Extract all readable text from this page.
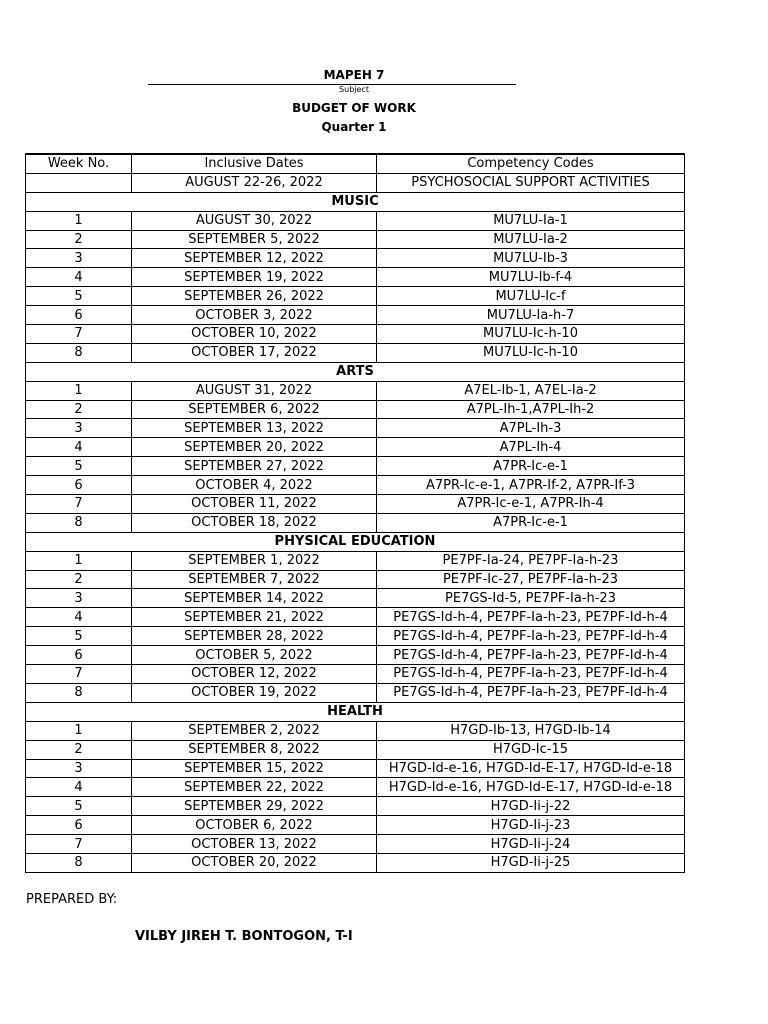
MAPEH 7
Subject
BUDGET OF WORK
Quarter 1
Week No.	Inclusive Dates	Competency Codes
	AUGUST 22-26, 2022	PSYCHOSOCIAL SUPPORT ACTIVITIES
MUSIC		
1	AUGUST 30, 2022	MU7LU-Ia-1
2	SEPTEMBER 5, 2022	MU7LU-Ia-2
3	SEPTEMBER 12, 2022	MU7LU-Ib-3
4	SEPTEMBER 19, 2022	MU7LU-Ib-f-4
5	SEPTEMBER 26, 2022	MU7LU-Ic-f
6	OCTOBER 3, 2022	MU7LU-Ia-h-7
7	OCTOBER 10, 2022	MU7LU-Ic-h-10
8	OCTOBER 17, 2022	MU7LU-Ic-h-10
ARTS		
1	AUGUST 31, 2022	A7EL-Ib-1, A7EL-Ia-2
2	SEPTEMBER 6, 2022	A7PL-Ih-1,A7PL-Ih-2
3	SEPTEMBER 13, 2022	A7PL-Ih-3
4	SEPTEMBER 20, 2022	A7PL-Ih-4
5	SEPTEMBER 27, 2022	A7PR-Ic-e-1
6	OCTOBER 4, 2022	A7PR-Ic-e-1, A7PR-If-2, A7PR-If-3
7	OCTOBER 11, 2022	A7PR-Ic-e-1, A7PR-Ih-4
8	OCTOBER 18, 2022	A7PR-Ic-e-1
PHYSICAL EDUCATION		
1	SEPTEMBER 1, 2022	PE7PF-Ia-24, PE7PF-Ia-h-23
2	SEPTEMBER 7, 2022	PE7PF-Ic-27, PE7PF-Ia-h-23
3	SEPTEMBER 14, 2022	PE7GS-Id-5, PE7PF-Ia-h-23
4	SEPTEMBER 21, 2022	PE7GS-Id-h-4, PE7PF-Ia-h-23, PE7PF-Id-h-4
5	SEPTEMBER 28, 2022	PE7GS-Id-h-4, PE7PF-Ia-h-23, PE7PF-Id-h-4
6	OCTOBER 5, 2022	PE7GS-Id-h-4, PE7PF-Ia-h-23, PE7PF-Id-h-4
7	OCTOBER 12, 2022	PE7GS-Id-h-4, PE7PF-Ia-h-23, PE7PF-Id-h-4
8	OCTOBER 19, 2022	PE7GS-Id-h-4, PE7PF-Ia-h-23, PE7PF-Id-h-4
HEALTH		
1	SEPTEMBER 2, 2022	H7GD-Ib-13, H7GD-Ib-14
2	SEPTEMBER 8, 2022	H7GD-Ic-15
3	SEPTEMBER 15, 2022	H7GD-Id-e-16, H7GD-Id-E-17, H7GD-Id-e-18
4	SEPTEMBER 22, 2022	H7GD-Id-e-16, H7GD-Id-E-17, H7GD-Id-e-18
5	SEPTEMBER 29, 2022	H7GD-Ii-j-22
6	OCTOBER 6, 2022	H7GD-Ii-j-23
7	OCTOBER 13, 2022	H7GD-Ii-j-24
8	OCTOBER 20, 2022	H7GD-Ii-j-25
PREPARED BY:
VILBY JIREH T. BONTOGON, T-I
